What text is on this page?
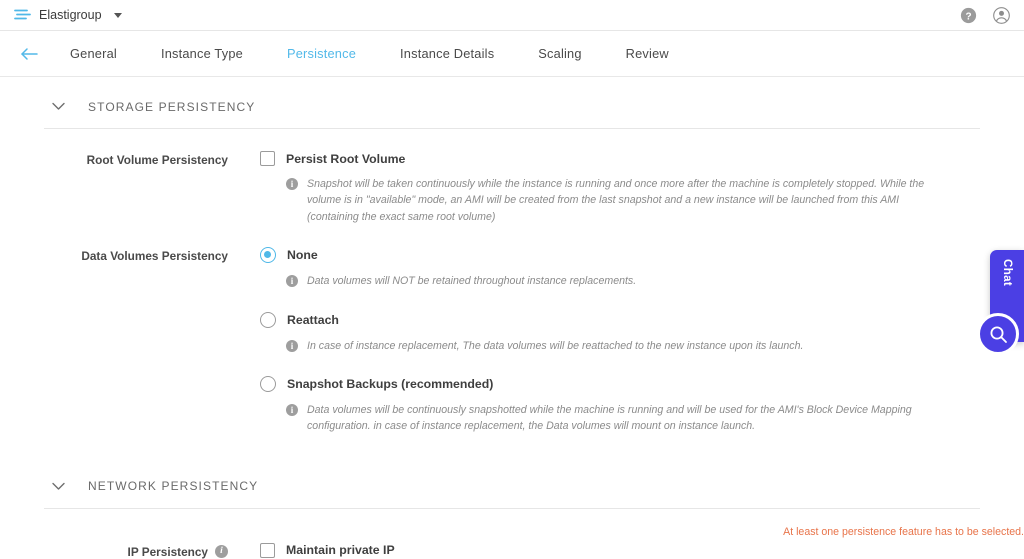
Elastigroup	?
General	Instance Type	Persistence	Instance Details	Scaling	Review
STORAGE PERSISTENCY
Root Volume Persistency	Persist Root Volume
i	Snapshot will be taken continuously while the instance is running and once more after the machine is completely stopped. While the volume is in "available" mode, an AMI will be created from the last snapshot and a new instance will be launched from this AMI (containing the exact same root volume)
Data Volumes Persistency	None
i	Data volumes will NOT be retained throughout instance replacements.
Reattach
i	In case of instance replacement, The data volumes will be reattached to the new instance upon its launch.
Snapshot Backups (recommended)
i	Data volumes will be continuously snapshotted while the machine is running and will be used for the AMI's Block Device Mapping configuration. in case of instance replacement, the Data volumes will mount on instance launch.
NETWORK PERSISTENCY
IP Persistency	i	Maintain private IP
At least one persistence feature has to be selected.
Chat
